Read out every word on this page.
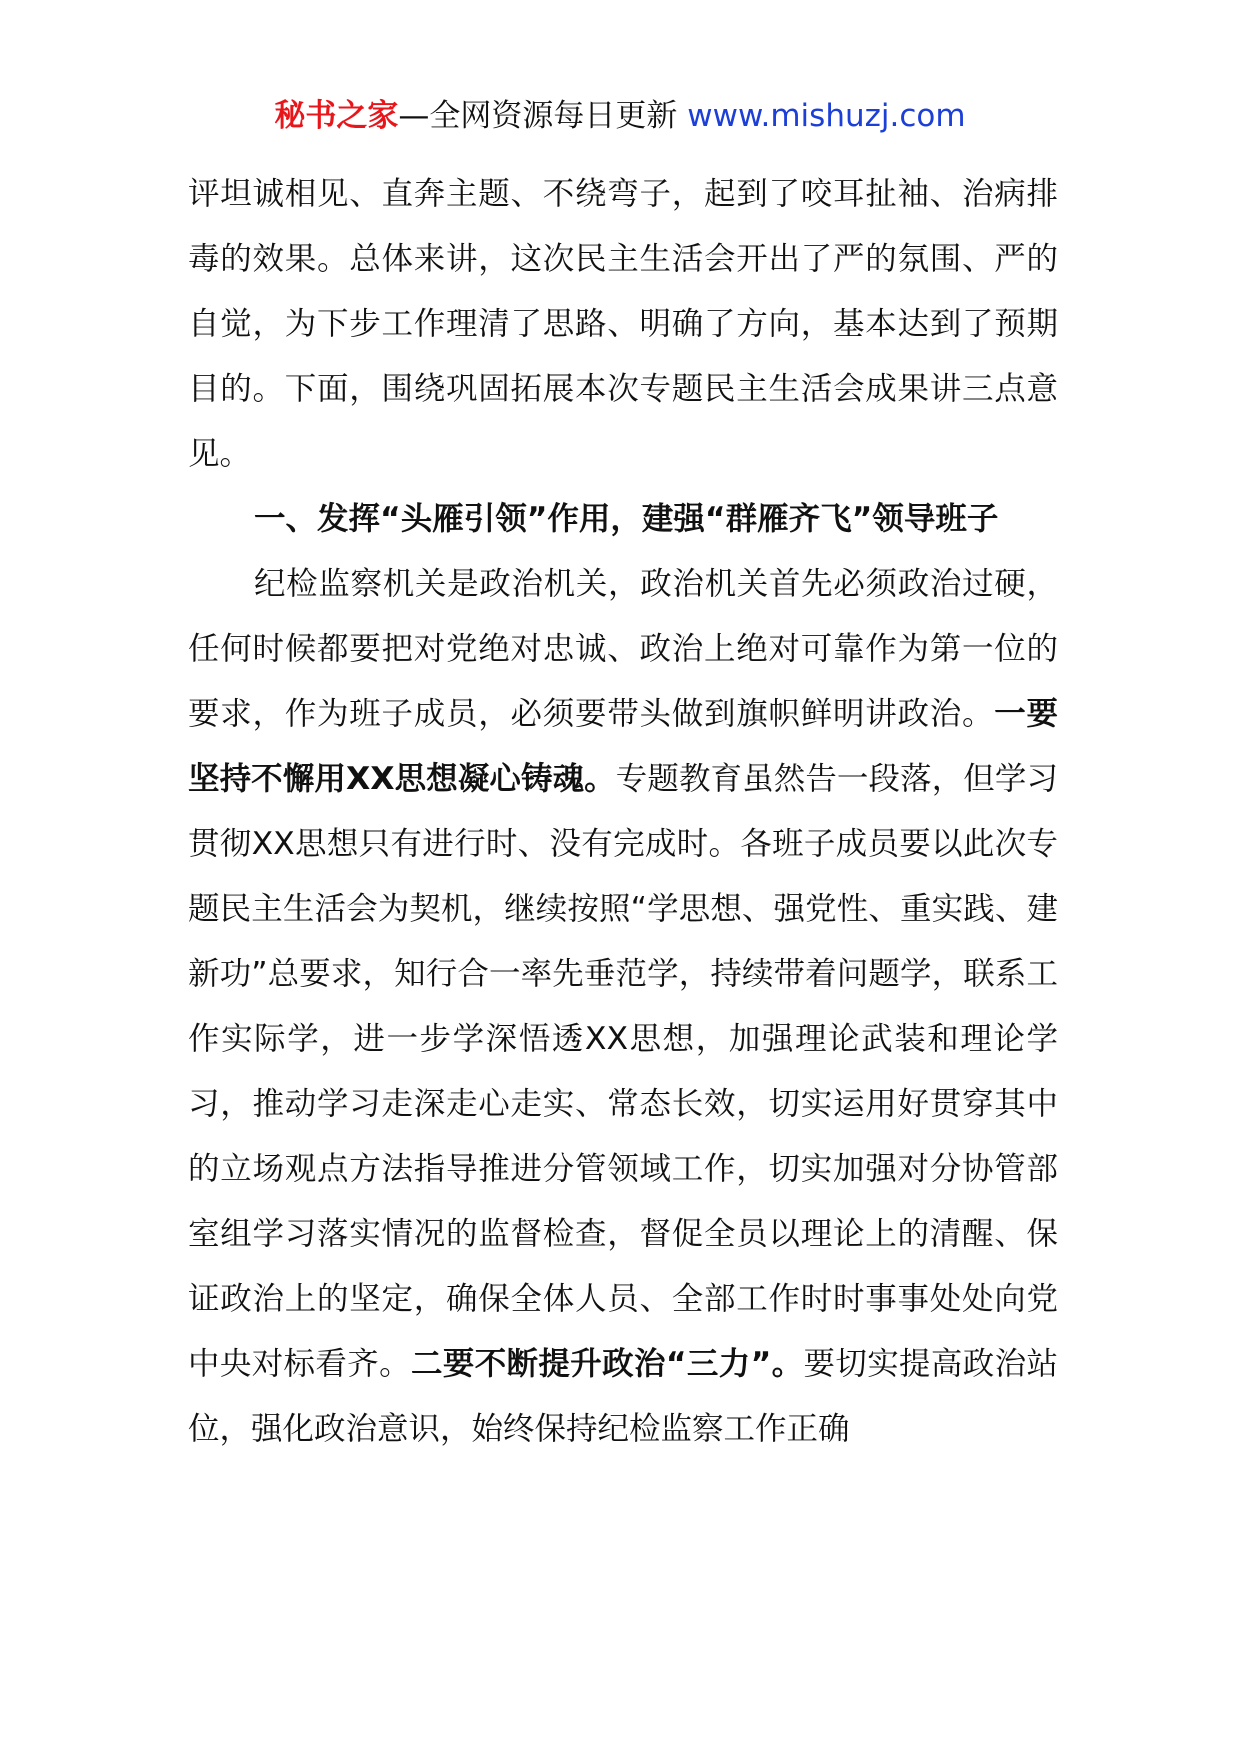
秘书之家—全网资源每日更新 www.mishuzj.com

评坦诚相见、直奔主题、不绕弯子，起到了咬耳扯袖、治病排毒的效果。总体来讲，这次民主生活会开出了严的氛围、严的自觉，为下步工作理清了思路、明确了方向，基本达到了预期目的。下面，围绕巩固拓展本次专题民主生活会成果讲三点意见。

一、发挥“头雁引领”作用，建强“群雁齐飞”领导班子

纪检监察机关是政治机关，政治机关首先必须政治过硬，任何时候都要把对党绝对忠诚、政治上绝对可靠作为第一位的要求，作为班子成员，必须要带头做到旗帜鲜明讲政治。一要坚持不懈用XX思想凝心铸魂。专题教育虽然告一段落，但学习贯彻XX思想只有进行时、没有完成时。各班子成员要以此次专题民主生活会为契机，继续按照“学思想、强党性、重实践、建新功”总要求，知行合一率先垂范学，持续带着问题学，联系工作实际学，进一步学深悟透XX思想，加强理论武装和理论学习，推动学习走深走心走实、常态长效，切实运用好贯穿其中的立场观点方法指导推进分管领域工作，切实加强对分协管部室组学习落实情况的监督检查，督促全员以理论上的清醒、保证政治上的坚定，确保全体人员、全部工作时时事事处处向党中央对标看齐。二要不断提升政治“三力”。要切实提高政治站位，强化政治意识，始终保持纪检监察工作正确
